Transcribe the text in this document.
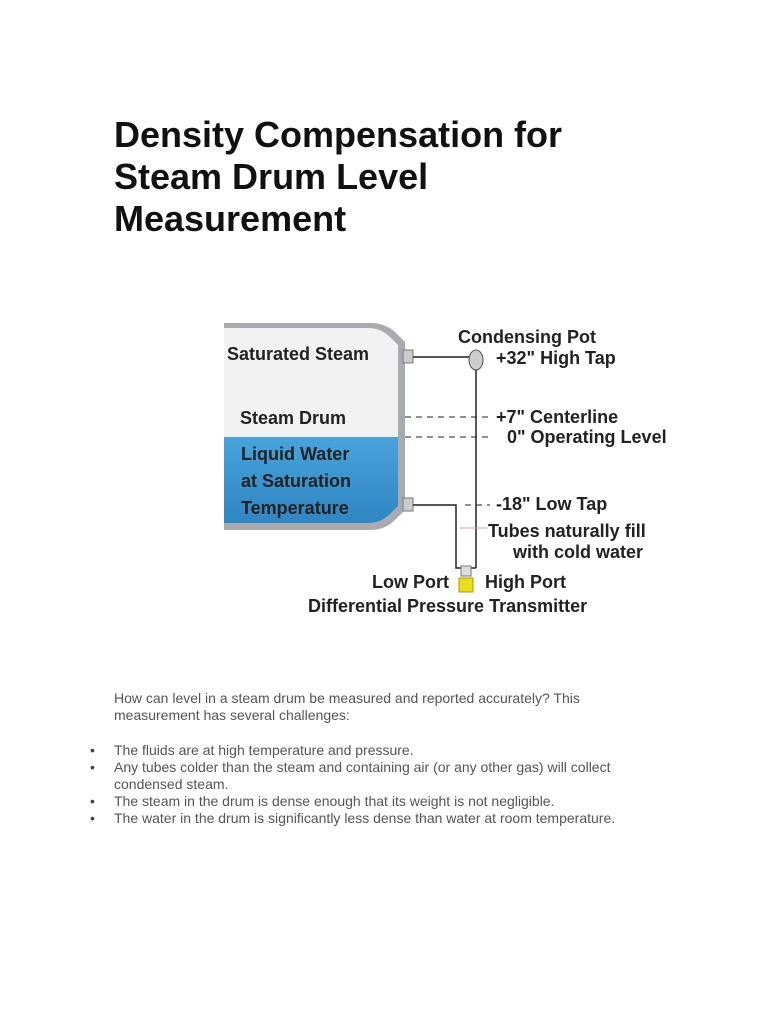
Density Compensation for
Steam Drum Level
Measurement
Saturated Steam
Steam Drum
Liquid Water
at Saturation
Temperature
Condensing Pot
+32" High Tap
+7" Centerline
0" Operating Level
-18" Low Tap
Tubes naturally fill
with cold water
Low Port High Port
Differential Pressure Transmitter

How can level in a steam drum be measured and reported accurately? This measurement has several challenges:

• The fluids are at high temperature and pressure.
• Any tubes colder than the steam and containing air (or any other gas) will collect condensed steam.
• The steam in the drum is dense enough that its weight is not negligible.
• The water in the drum is significantly less dense than water at room temperature.
